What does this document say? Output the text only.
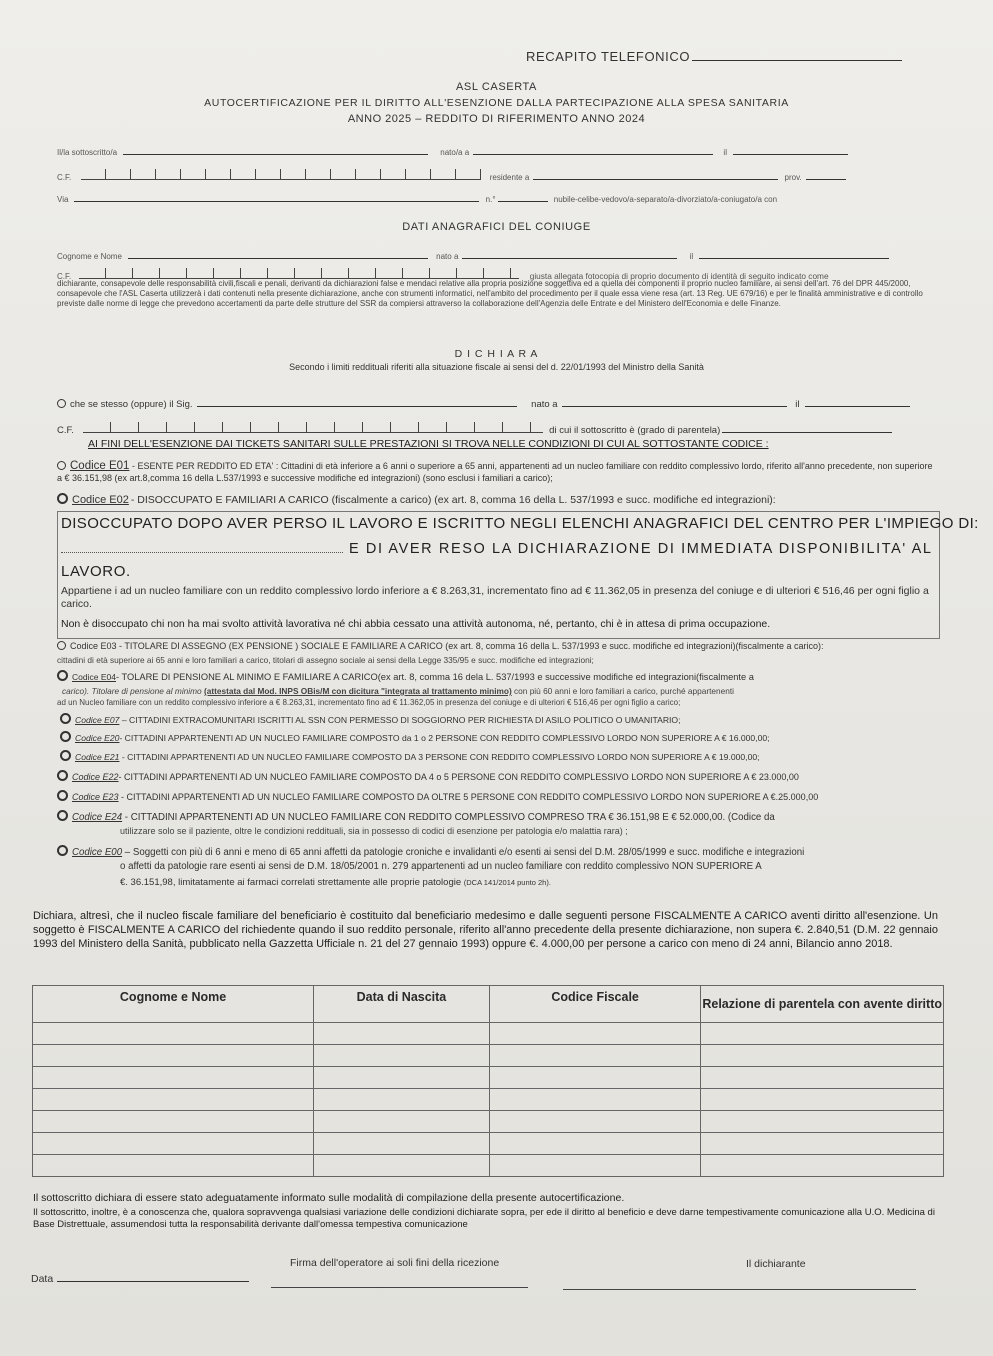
RECAPITO TELEFONICO
ASL CASERTA
AUTOCERTIFICAZIONE PER IL DIRITTO ALL'ESENZIONE DALLA PARTECIPAZIONE ALLA SPESA SANITARIA
ANNO 2025 – REDDITO DI RIFERIMENTO ANNO 2024
Il/la sottoscritto/a	nato/a a	il
C.F.	residente a	prov.
Via	n.°	nubile-celibe-vedovo/a-separato/a-divorziato/a-coniugato/a con
DATI ANAGRAFICI DEL CONIUGE
Cognome e Nome	nato a	il
C.F.	giusta allegata fotocopia di proprio documento di identità di seguito indicato come
dichiarante, consapevole delle responsabilità civili,fiscali e penali, derivanti da dichiarazioni false e mendaci relative alla propria posizione soggettiva ed a quella dei componenti il proprio nucleo familiare, ai sensi dell'art. 76 del DPR 445/2000, consapevole che l'ASL Caserta utilizzerà i dati contenuti nella presente dichiarazione, anche con strumenti informatici, nell'ambito del procedimento per il quale essa viene resa (art. 13 Reg. UE 679/16) e per le finalità amministrative e di controllo previste dalle norme di legge che prevedono accertamenti da parte delle strutture del SSR da compiersi attraverso la collaborazione dell'Agenzia delle Entrate e del Ministero dell'Economia e delle Finanze.
D I C H I A R A
Secondo i limiti reddituali riferiti alla situazione fiscale ai sensi del d. 22/01/1993 del Ministro della Sanità
che se stesso (oppure) il Sig.	nato a	il
C.F.	di cui il sottoscritto è (grado di parentela)
AI FINI DELL'ESENZIONE DAI TICKETS SANITARI SULLE PRESTAZIONI SI TROVA NELLE CONDIZIONI DI CUI AL SOTTOSTANTE CODICE :
Codice E01 - ESENTE PER REDDITO ED ETA' : Cittadini di età inferiore a 6 anni o superiore a 65 anni, appartenenti ad un nucleo familiare con reddito complessivo lordo, riferito all'anno precedente, non superiore a € 36.151,98 (ex art.8,comma 16 della L.537/1993 e successive modifiche ed integrazioni) (sono esclusi i familiari a carico);
Codice E02 - DISOCCUPATO E FAMILIARI A CARICO (fiscalmente a carico) (ex art. 8, comma 16 della L. 537/1993 e succ. modifiche ed integrazioni):
DISOCCUPATO DOPO AVER PERSO IL LAVORO E ISCRITTO NEGLI ELENCHI ANAGRAFICI DEL CENTRO PER L'IMPIEGO DI:
E DI AVER RESO LA DICHIARAZIONE DI IMMEDIATA DISPONIBILITA' AL
LAVORO.
Appartiene i ad un nucleo familiare con un reddito complessivo lordo inferiore a € 8.263,31, incrementato fino ad € 11.362,05 in presenza del coniuge e di ulteriori € 516,46 per ogni figlio a carico.
Non è disoccupato chi non ha mai svolto attività lavorativa né chi abbia cessato una attività autonoma, né, pertanto, chi è in attesa di prima occupazione.
Codice E03 - TITOLARE DI ASSEGNO (EX PENSIONE ) SOCIALE E FAMILIARE A CARICO (ex art. 8, comma 16 della L. 537/1993 e succ. modifiche ed integrazioni)(fiscalmente a carico):
cittadini di età superiore ai 65 anni e loro familiari a carico, titolari di assegno sociale ai sensi della Legge 335/95 e succ. modifiche ed integrazioni;
Codice E04- TOLARE DI PENSIONE AL MINIMO E FAMILIARE A CARICO(ex art. 8, comma 16 dela L. 537/1993 e successive modifiche ed integrazioni(fiscalmente a
carico). Titolare di pensione al minimo (attestata dal Mod. INPS OBis/M con dicitura "integrata al trattamento minimo) con più 60 anni e loro familiari a carico, purché appartenenti
ad un Nucleo familiare con un reddito complessivo inferiore a € 8.263,31, incrementato fino ad € 11.362,05 in presenza del coniuge e di ulteriori € 516,46 per ogni figlio a carico;
Codice E07 – CITTADINI EXTRACOMUNITARI ISCRITTI AL SSN CON PERMESSO DI SOGGIORNO PER RICHIESTA DI ASILO POLITICO O UMANITARIO;
Codice E20- CITTADINI APPARTENENTI AD UN NUCLEO FAMILIARE COMPOSTO da 1 o 2 PERSONE CON REDDITO COMPLESSIVO LORDO NON SUPERIORE A € 16.000,00;
Codice E21 - CITTADINI APPARTENENTI AD UN NUCLEO FAMILIARE COMPOSTO DA 3 PERSONE CON REDDITO COMPLESSIVO LORDO NON SUPERIORE A € 19.000,00;
Codice E22- CITTADINI APPARTENENTI AD UN NUCLEO FAMILIARE COMPOSTO DA 4 o 5 PERSONE CON REDDITO COMPLESSIVO LORDO NON SUPERIORE A € 23.000,00
Codice E23 - CITTADINI APPARTENENTI AD UN NUCLEO FAMILIARE COMPOSTO DA OLTRE 5 PERSONE CON REDDITO COMPLESSIVO LORDO NON SUPERIORE A €.25.000,00
Codice E24 - CITTADINI APPARTENENTI AD UN NUCLEO FAMILIARE CON REDDITO COMPLESSIVO COMPRESO TRA € 36.151,98 E € 52.000,00. (Codice da
utilizzare solo se il paziente, oltre le condizioni reddituali, sia in possesso di codici di esenzione per patologia e/o malattia rara) ;
Codice E00 – Soggetti con più di 6 anni e meno di 65 anni affetti da patologie croniche e invalidanti e/o esenti ai sensi del D.M. 28/05/1999 e succ. modifiche e integrazioni
o affetti da patologie rare esenti ai sensi de D.M. 18/05/2001 n. 279 appartenenti ad un nucleo familiare con reddito complessivo NON SUPERIORE A
€. 36.151,98, limitatamente ai farmaci correlati strettamente alle proprie patologie (DCA 141/2014 punto 2h).
Dichiara, altresì, che il nucleo fiscale familiare del beneficiario è costituito dal beneficiario medesimo e dalle seguenti persone FISCALMENTE A CARICO aventi diritto all'esenzione. Un soggetto è FISCALMENTE A CARICO del richiedente quando il suo reddito personale, riferito all'anno precedente della presente dichiarazione, non supera €. 2.840,51 (D.M. 22 gennaio 1993 del Ministero della Sanità, pubblicato nella Gazzetta Ufficiale n. 21 del 27 gennaio 1993) oppure €. 4.000,00 per persone a carico con meno di 24 anni, Bilancio anno 2018.
Cognome e Nome	Data di Nascita	Codice Fiscale	Relazione di parentela con avente diritto

Il sottoscritto dichiara di essere stato adeguatamente informato sulle modalità di compilazione della presente autocertificazione.
Il sottoscritto, inoltre, è a conoscenza che, qualora sopravvenga qualsiasi variazione delle condizioni dichiarate sopra, per ede il diritto al beneficio e deve darne tempestivamente comunicazione alla U.O. Medicina di Base Distrettuale, assumendosi tutta la responsabilità derivante dall'omessa tempestiva comunicazione
Firma dell'operatore ai soli fini della ricezione	Il dichiarante
Data
